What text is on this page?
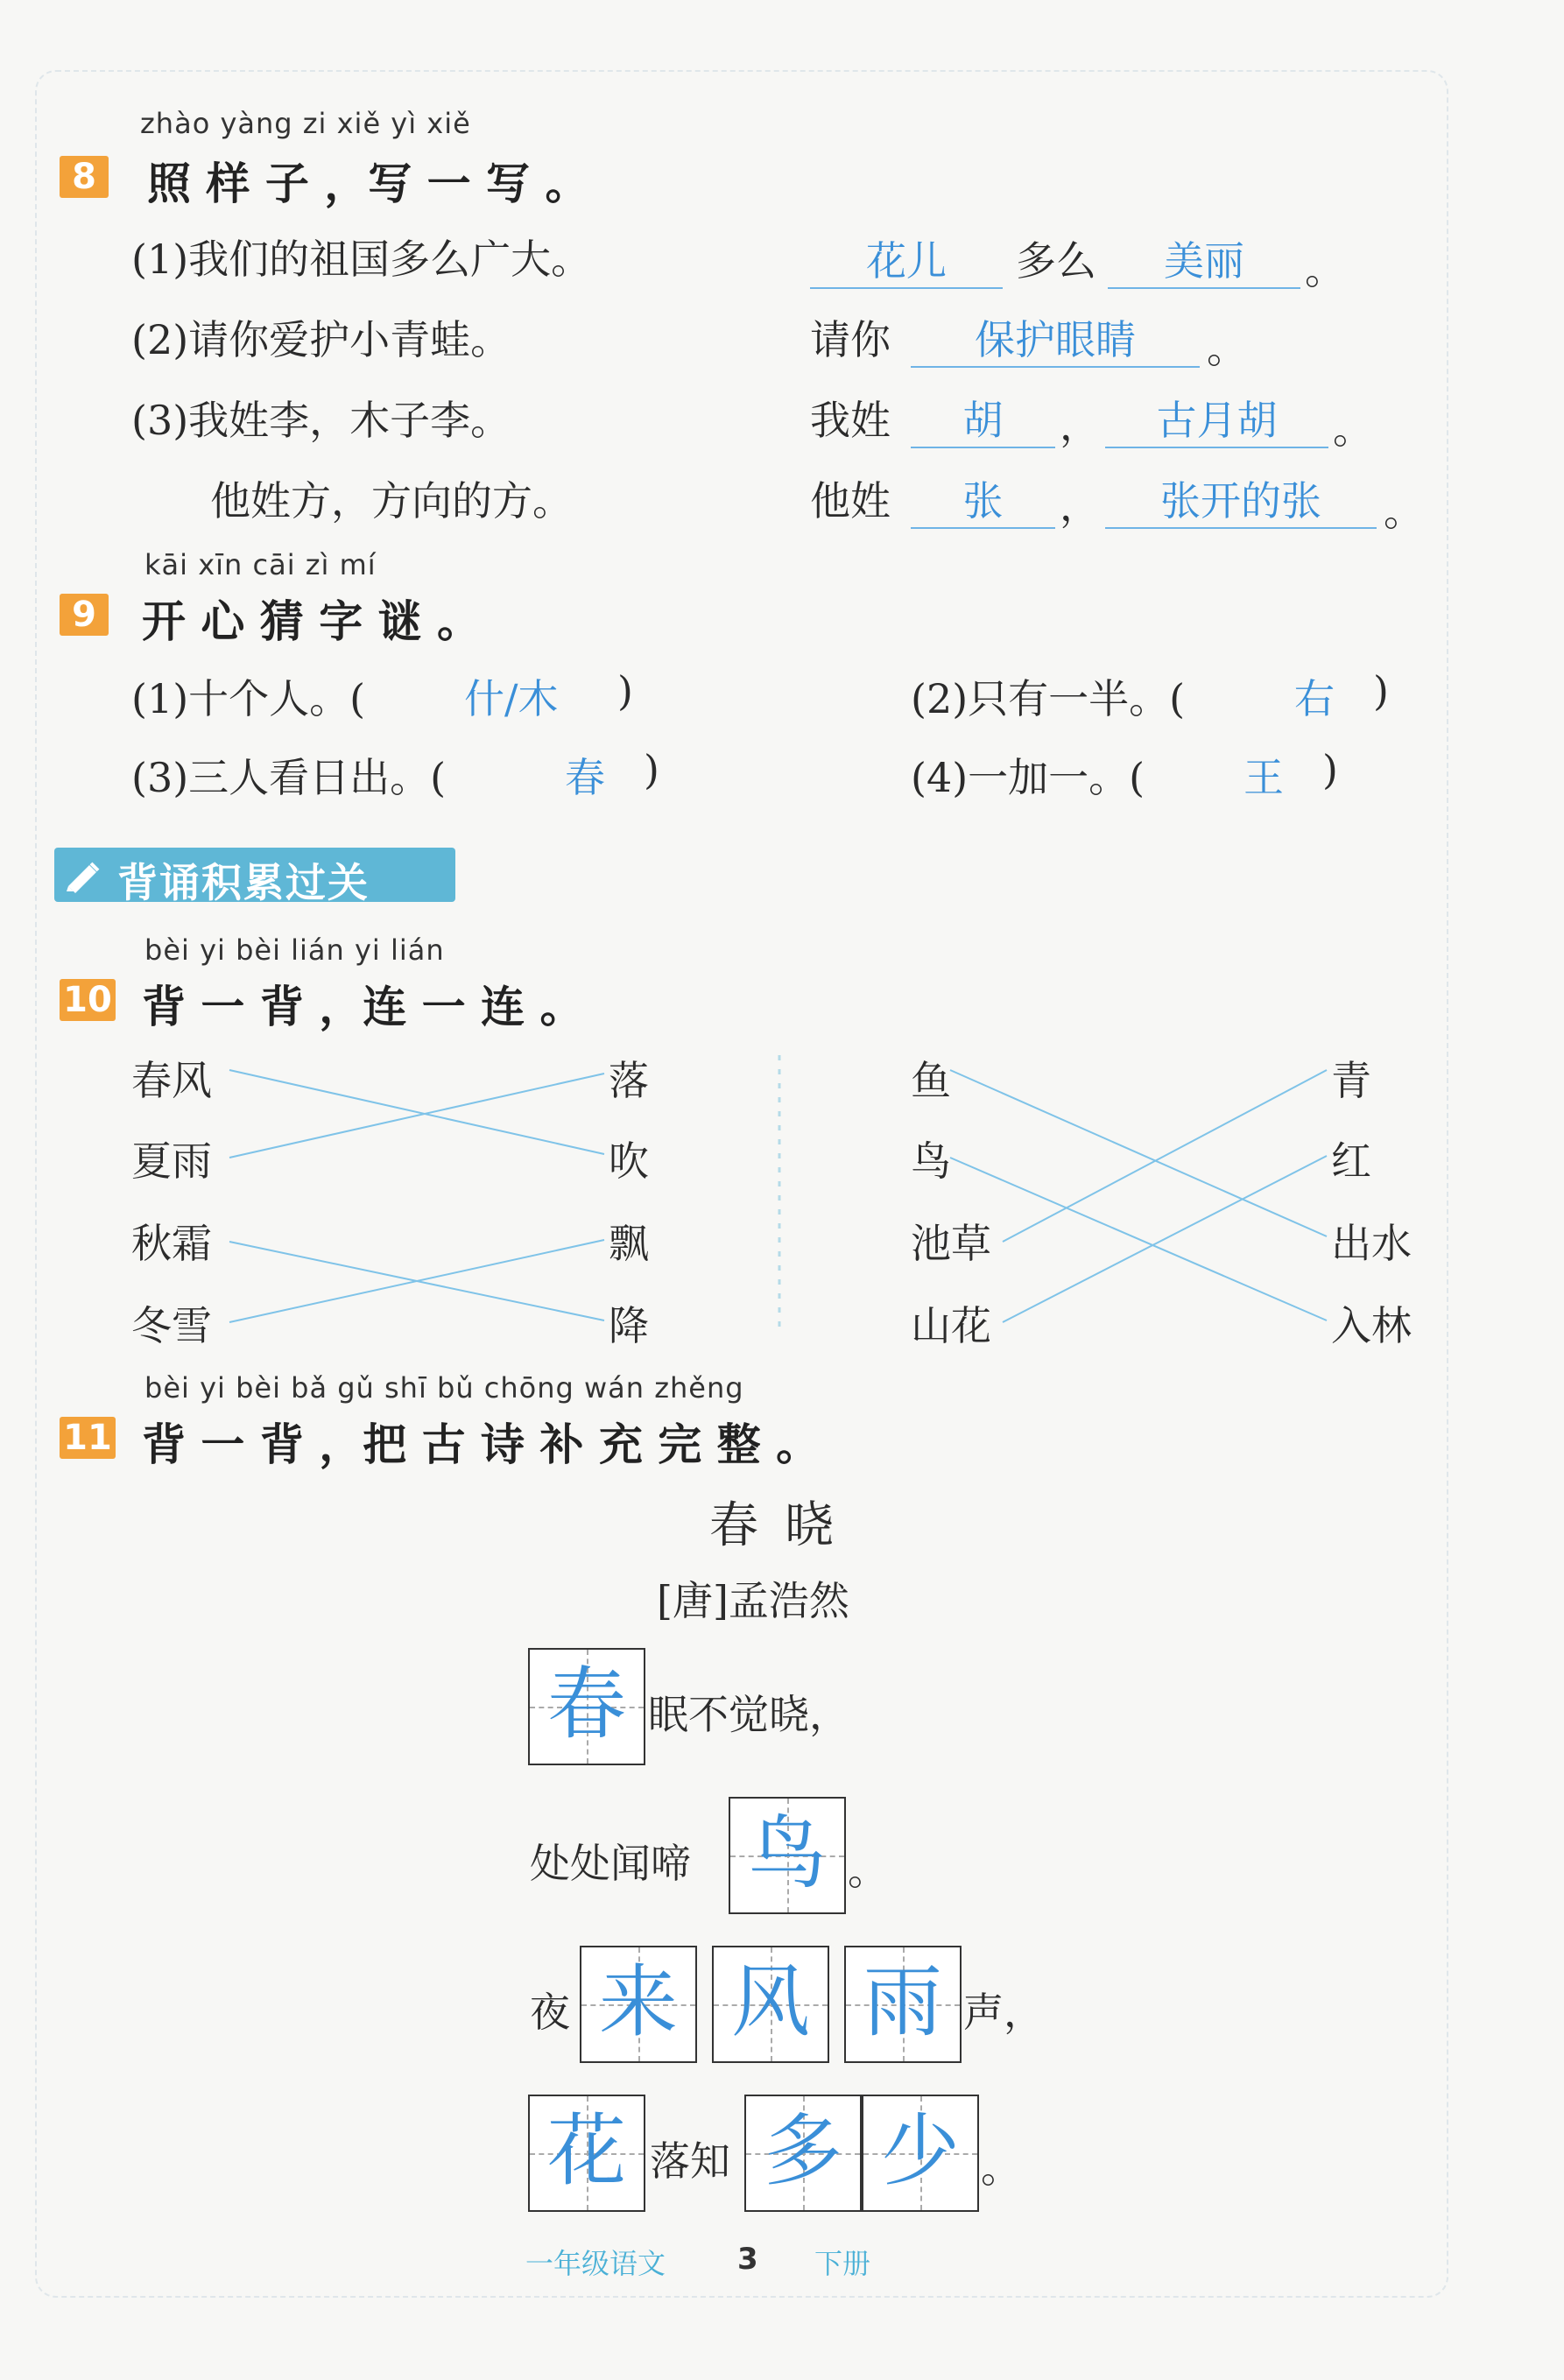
zhào yàng zi xiě yì xiě
8 照 样 子 ，写 一 写 。
(1)我们的祖国多么广大。	花儿	多么	美丽	。
(2)请你爱护小青蛙。	请你	保护眼睛	。
(3)我姓李，木子李。	我姓	胡	，	古月胡	。
他姓方，方向的方。	他姓	张	，	张开的张	。
kāi xīn cāi zì mí
9 开 心 猜 字 谜 。
(1)十个人。( 什/木 )	(2)只有一半。(	右 )
(3)三人看日出。(	春 )	(4)一加一。( 王 )
背诵积累过关
bèi yi bèi lián yi lián
10 背 一 背 ，连 一 连 。
春风
夏雨
秋霜
冬雪
落
吹
飘
降
鱼
鸟
池草
山花
青
红
出水
入林
bèi yi bèi bǎ gǔ shī bǔ chōng wán zhěng
11 背 一 背 ，把 古 诗 补 充 完 整 。
春晓
[唐]孟浩然
春 眠不觉晓，
处处闻啼 鸟 。
夜 来 风 雨 声，
花 落知 多 少 。
一年级语文 3 下册
